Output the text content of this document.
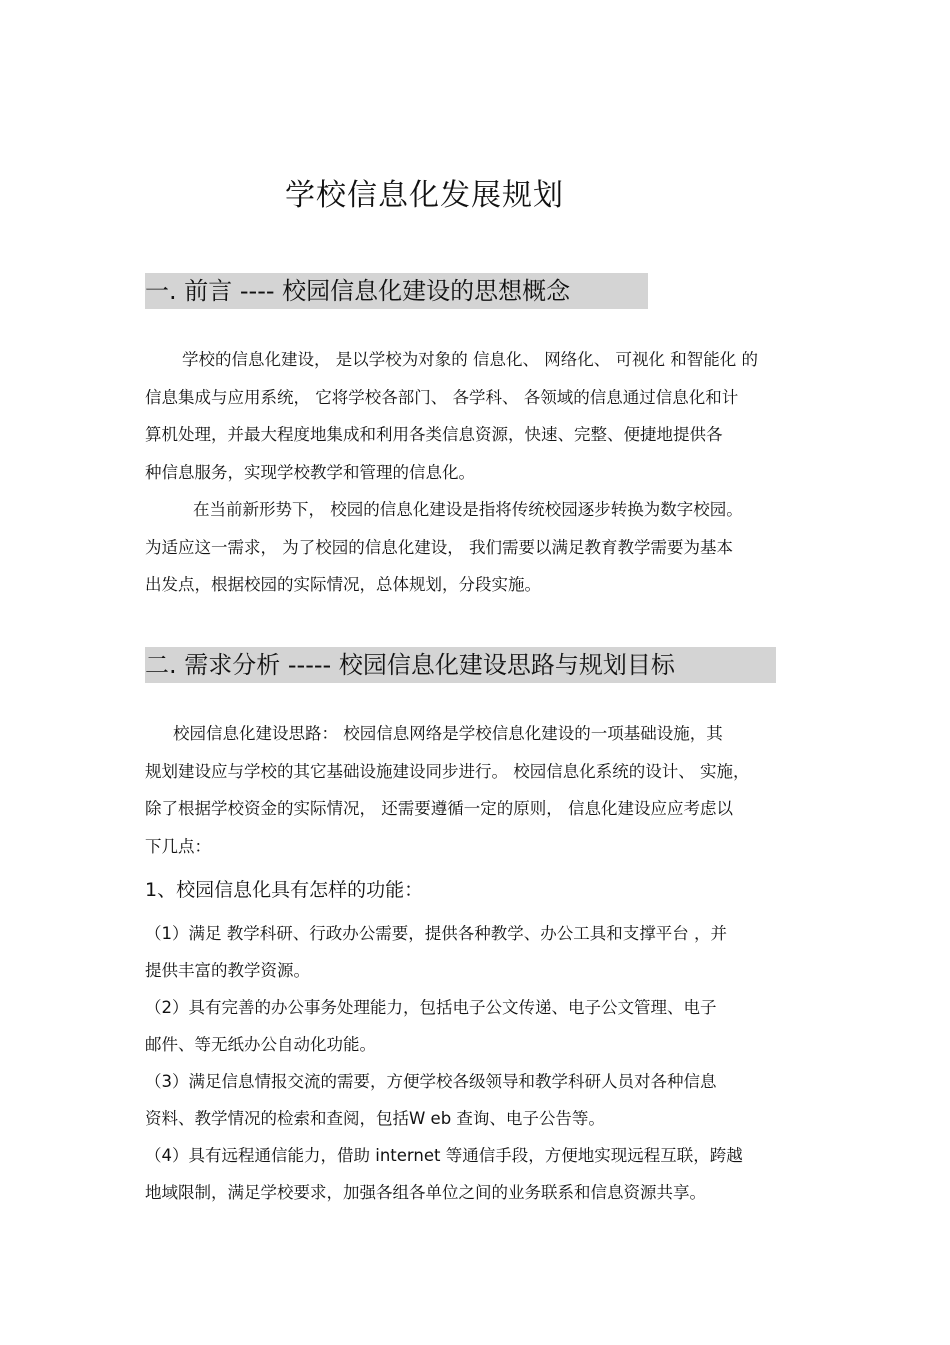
学校信息化发展规划
一. 前言 ---- 校园信息化建设的思想概念
学校的信息化建设， 是以学校为对象的 信息化、 网络化、 可视化 和智能化 的
信息集成与应用系统， 它将学校各部门、 各学科、 各领域的信息通过信息化和计
算机处理，并最大程度地集成和利用各类信息资源，快速、完整、便捷地提供各
种信息服务，实现学校教学和管理的信息化。
在当前新形势下， 校园的信息化建设是指将传统校园逐步转换为数字校园。
为适应这一需求， 为了校园的信息化建设， 我们需要以满足教育教学需要为基本
出发点，根据校园的实际情况，总体规划，分段实施。
二. 需求分析 ----- 校园信息化建设思路与规划目标
校园信息化建设思路： 校园信息网络是学校信息化建设的一项基础设施，其
规划建设应与学校的其它基础设施建设同步进行。 校园信息化系统的设计、 实施，
除了根据学校资金的实际情况， 还需要遵循一定的原则， 信息化建设应应考虑以
下几点：
1、校园信息化具有怎样的功能：
（1）满足 教学科研、行政办公需要，提供各种教学、办公工具和支撑平台 ，并
提供丰富的教学资源。
（2）具有完善的办公事务处理能力，包括电子公文传递、电子公文管理、电子
邮件、等无纸办公自动化功能。
（3）满足信息情报交流的需要，方便学校各级领导和教学科研人员对各种信息
资料、教学情况的检索和查阅，包括W eb 查询、电子公告等。
（4）具有远程通信能力，借助 internet 等通信手段，方便地实现远程互联，跨越
地域限制，满足学校要求，加强各组各单位之间的业务联系和信息资源共享。
